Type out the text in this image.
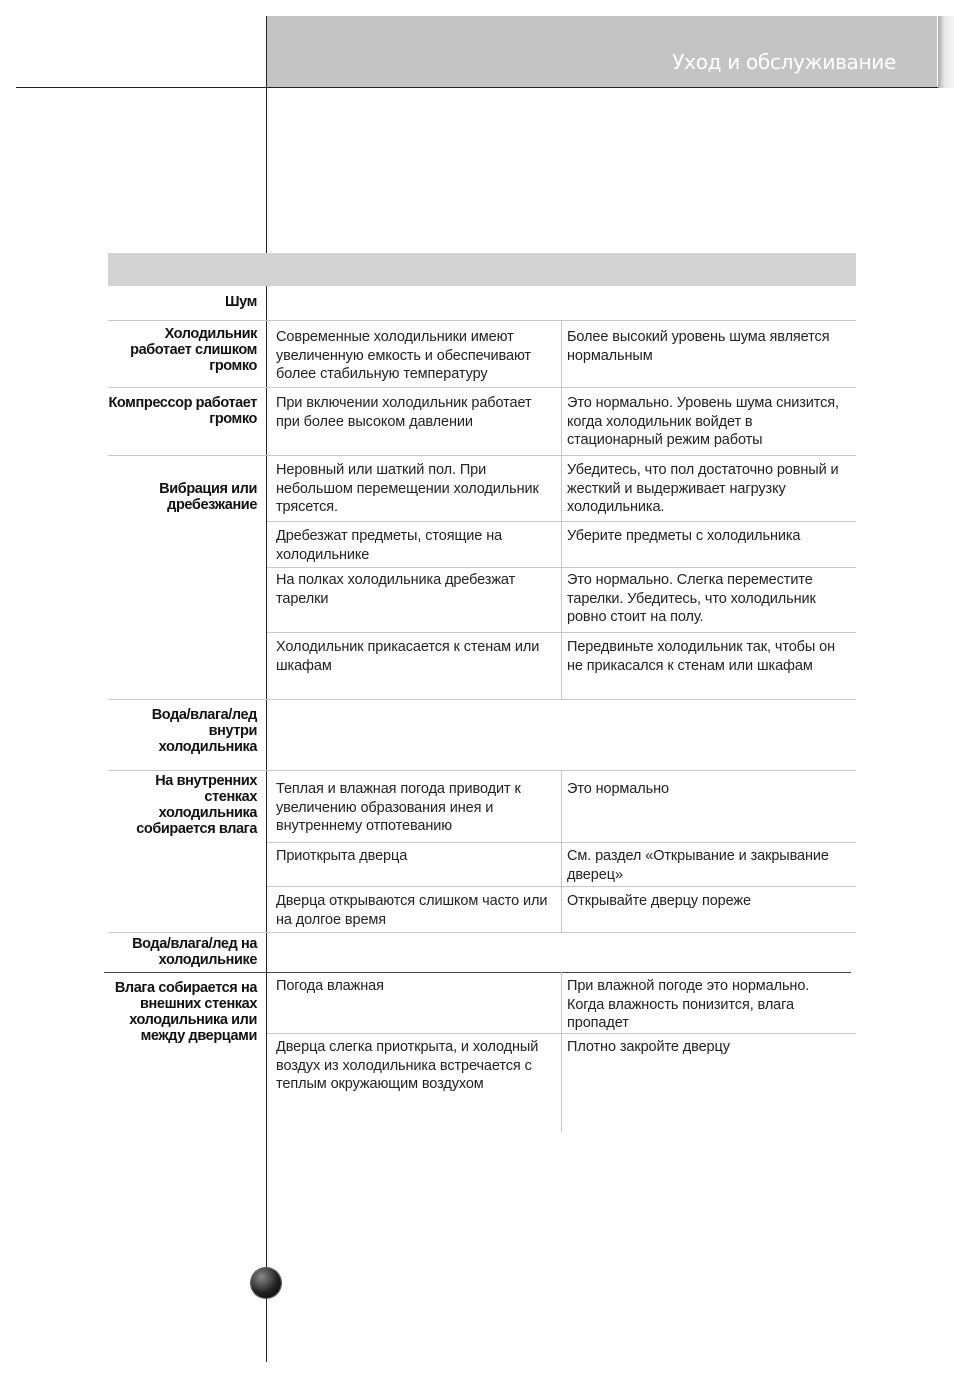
Уход и обслуживание
Шум
Холодильник работает слишком громко
Компрессор работает громко
Вибрация или дребезжание
Вода/влага/лед внутри холодильника
На внутренних стенках холодильника собирается влага
Вода/влага/лед на холодильнике
Влага собирается на внешних стенках холодильника или между дверцами
Современные холодильники имеют увеличенную емкость и обеспечивают более стабильную температуру
Более высокий уровень шума является нормальным
При включении холодильник работает при более высоком давлении
Это нормально. Уровень шума снизится, когда холодильник войдет в стационарный режим работы
Неровный или шаткий пол. При небольшом перемещении холодильник трясется.
Убедитесь, что пол достаточно ровный и жесткий и выдерживает нагрузку холодильника.
Дребезжат предметы, стоящие на холодильнике
Уберите предметы с холодильника
На полках холодильника дребезжат тарелки
Это нормально. Слегка переместите тарелки. Убедитесь, что холодильник ровно стоит на полу.
Холодильник прикасается к стенам или шкафам
Передвиньте холодильник так, чтобы он не прикасался к стенам или шкафам
Теплая и влажная погода приводит к увеличению образования инея и внутреннему отпотеванию
Это нормально
Приоткрыта дверца	См. раздел «Открывание и закрывание дверец»
Дверца открываются слишком часто или на долгое время
Открывайте дверцу пореже
Погода влажная	При влажной погоде это нормально. Когда влажность понизится, влага пропадет
Дверца слегка приоткрыта, и холодный воздух из холодильника встречается с теплым окружающим воздухом
Плотно закройте дверцу
